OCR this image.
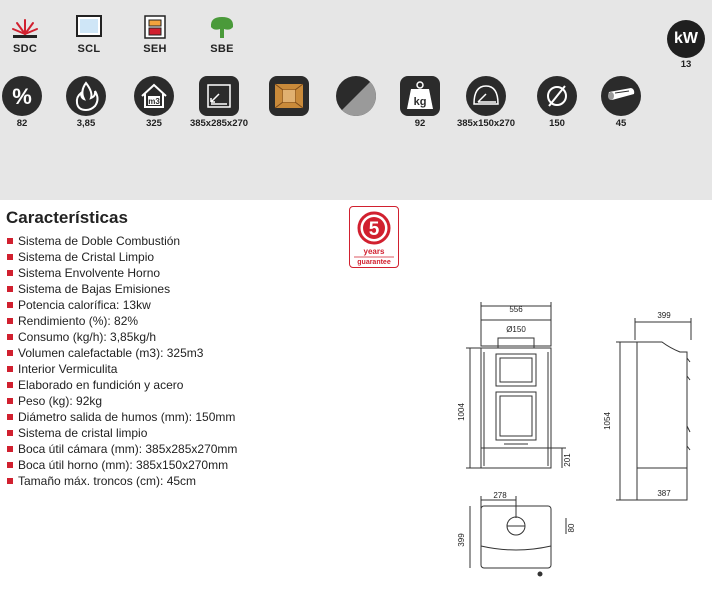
SDC	SCL	SEH	SBE
kW
13
%
82	3,85
m3
325	385x285x270
kg
92	385x150x270	150	45
Características
Sistema de Doble Combustión
Sistema de Cristal Limpio
Sistema Envolvente Horno
Sistema de Bajas Emisiones
Potencia calorífica: 13kw
Rendimiento (%): 82%
Consumo (kg/h): 3,85kg/h
Volumen calefactable (m3): 325m3
Interior Vermiculita
Elaborado en fundición y acero
Peso (kg): 92kg
Diámetro salida de humos (mm): 150mm
Sistema de cristal limpio
Boca útil cámara (mm): 385x285x270mm
Boca útil horno (mm): 385x150x270mm
Tamaño máx. troncos (cm): 45cm
5
years
guarantee
556
Ø150
1004
201
399
1054
387
278
80
399
